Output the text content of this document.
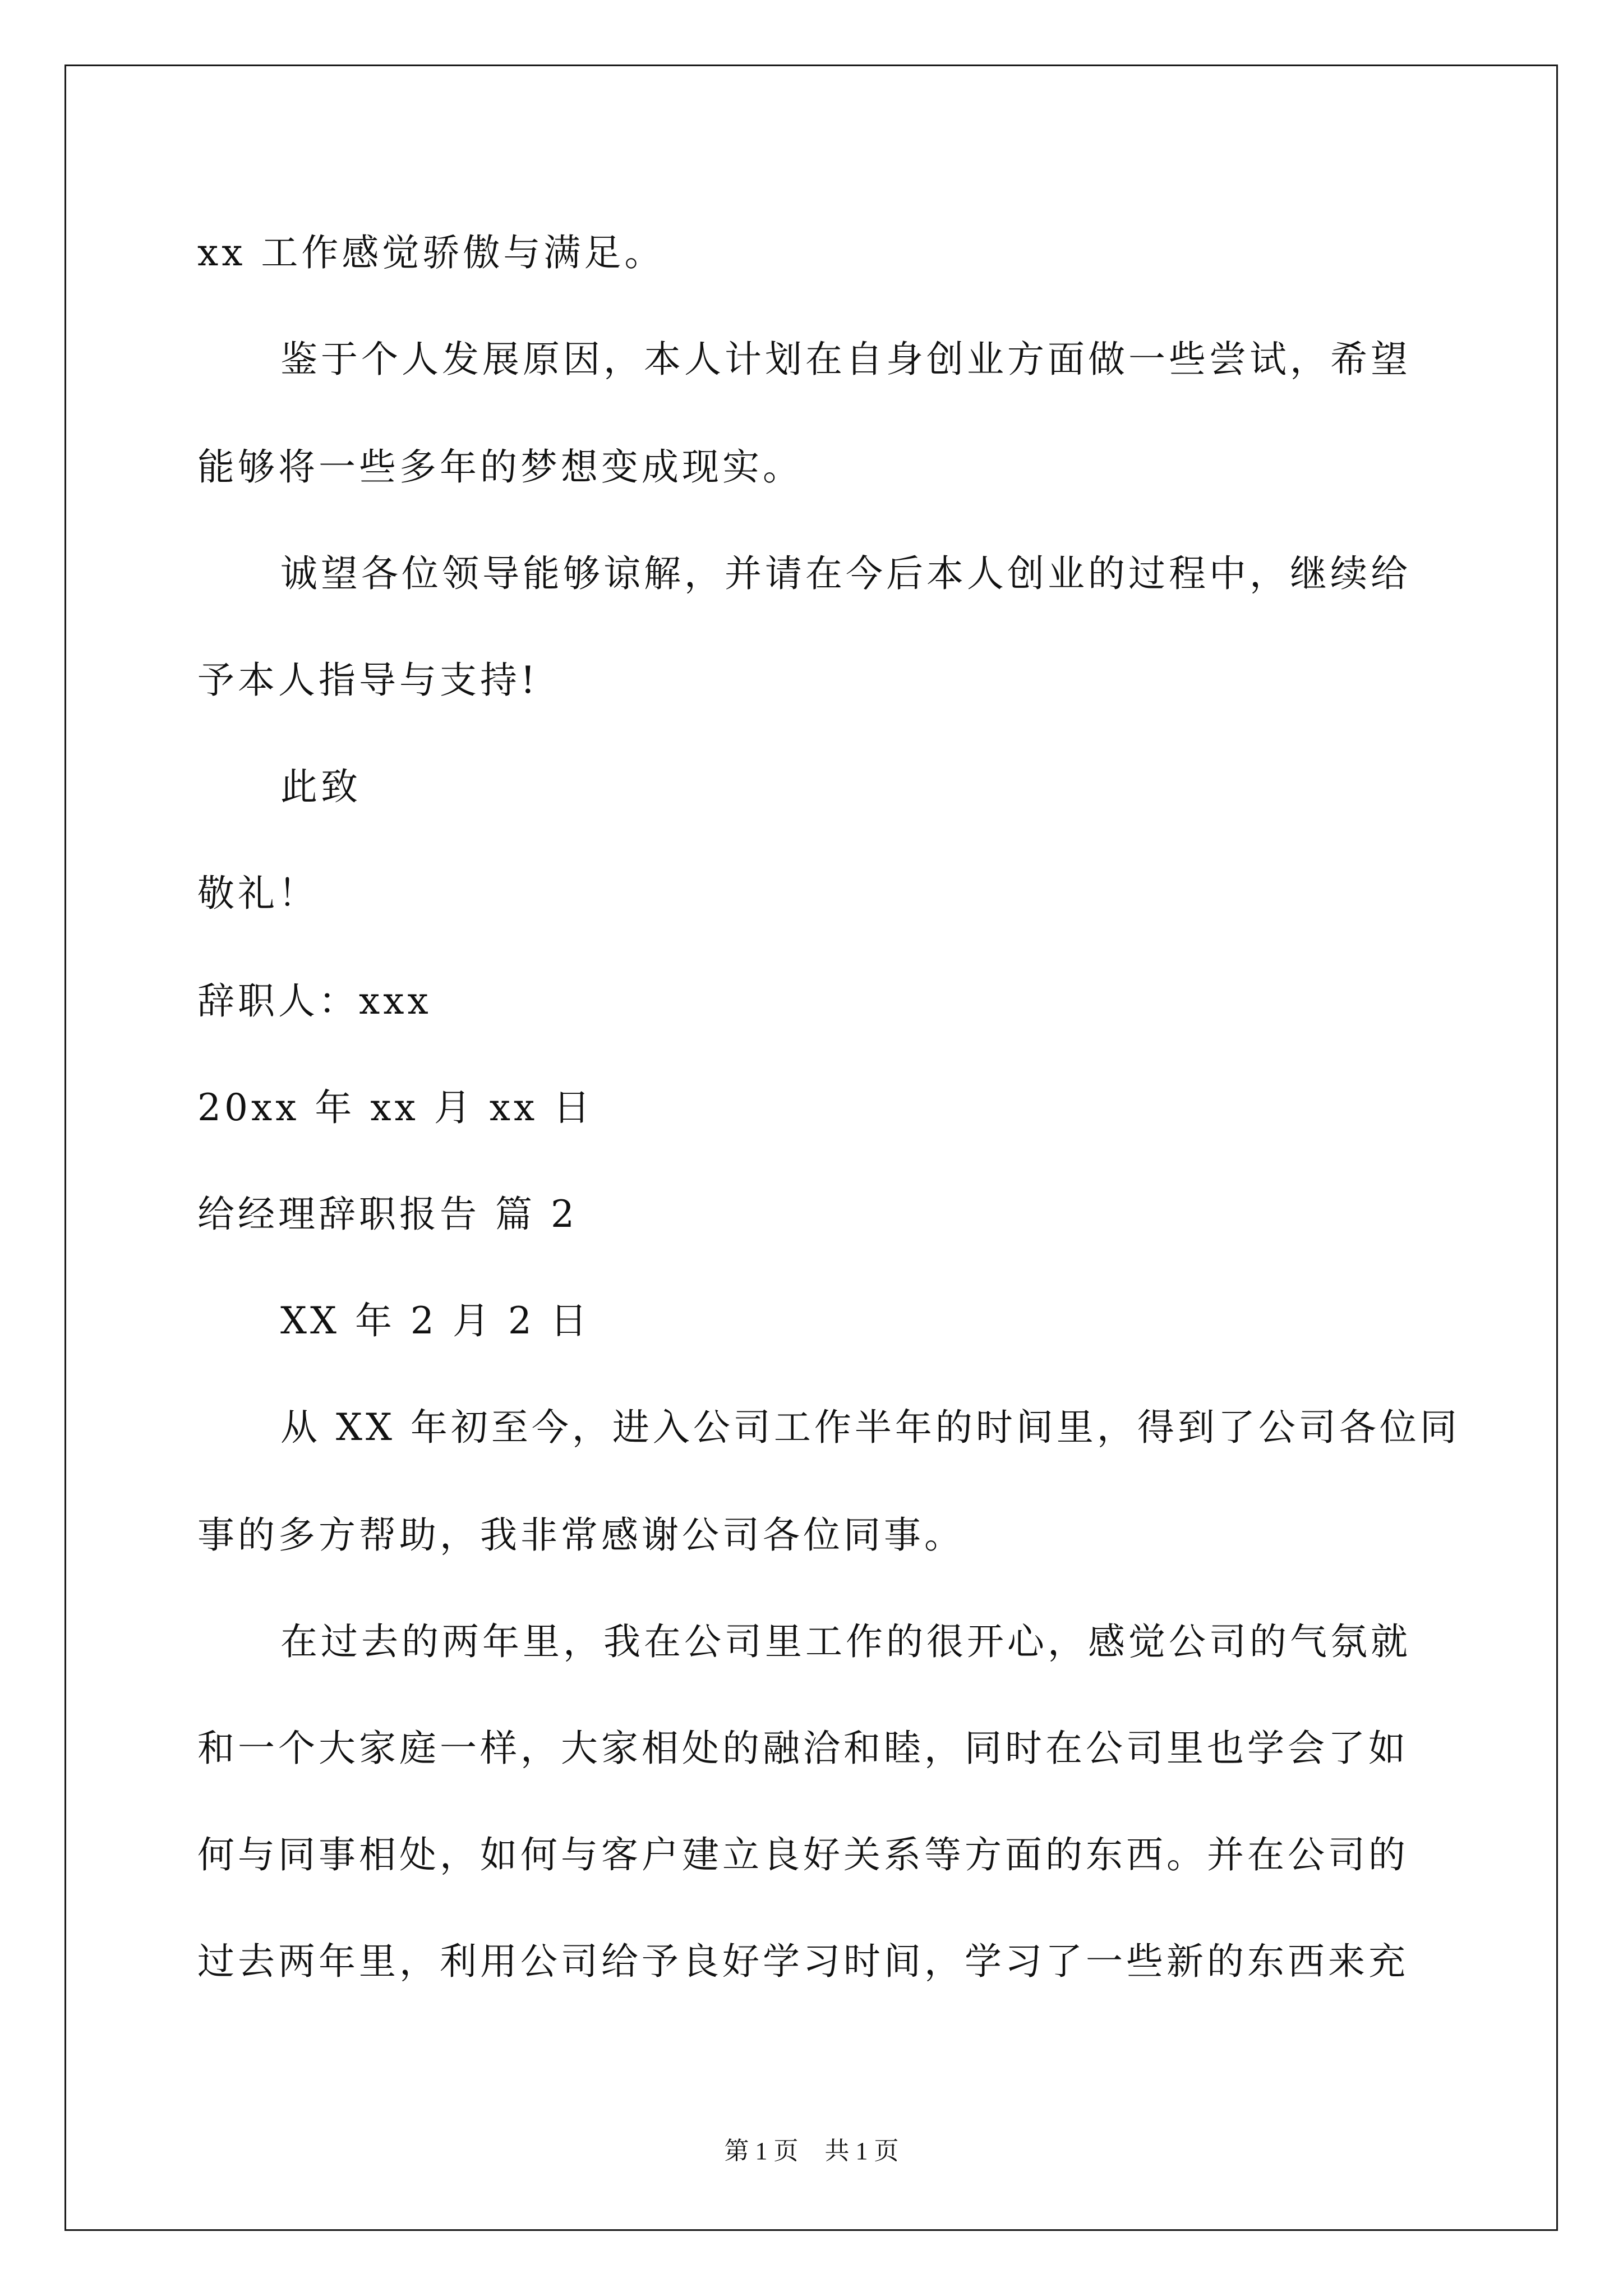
xx 工作感觉骄傲与满足。
鉴于个人发展原因，本人计划在自身创业方面做一些尝试，希望
能够将一些多年的梦想变成现实。
诚望各位领导能够谅解，并请在今后本人创业的过程中，继续给
予本人指导与支持!
此致
敬礼！
辞职人：xxx
20xx 年 xx 月 xx 日
给经理辞职报告 篇 2
XX 年 2 月 2 日
从 XX 年初至今，进入公司工作半年的时间里，得到了公司各位同
事的多方帮助，我非常感谢公司各位同事。
在过去的两年里，我在公司里工作的很开心，感觉公司的气氛就
和一个大家庭一样，大家相处的融洽和睦，同时在公司里也学会了如
何与同事相处，如何与客户建立良好关系等方面的东西。并在公司的
过去两年里，利用公司给予良好学习时间，学习了一些新的东西来充
第 1 页 共 1 页
